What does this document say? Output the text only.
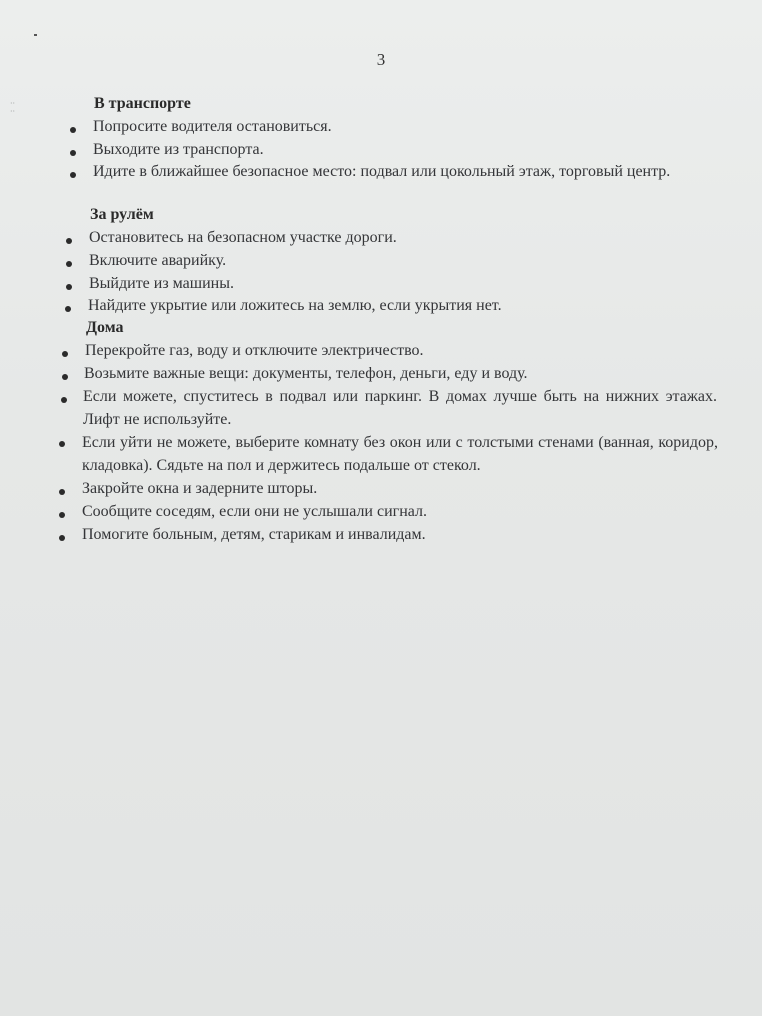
··
··
3
В транспорте
Попросите водителя остановиться.
Выходите из транспорта.
Идите в ближайшее безопасное место: подвал или цокольный этаж, торговый центр.
За рулём
Остановитесь на безопасном участке дороги.
Включите аварийку.
Выйдите из машины.
Найдите укрытие или ложитесь на землю, если укрытия нет.
Дома
Перекройте газ, воду и отключите электричество.
Возьмите важные вещи: документы, телефон, деньги, еду и воду.
Если можете, спуститесь в подвал или паркинг. В домах лучше быть на нижних этажах. Лифт не используйте.
Если уйти не можете, выберите комнату без окон или с толстыми стенами (ванная, коридор, кладовка). Сядьте на пол и держитесь подальше от стекол.
Закройте окна и задерните шторы.
Сообщите соседям, если они не услышали сигнал.
Помогите больным, детям, старикам и инвалидам.
